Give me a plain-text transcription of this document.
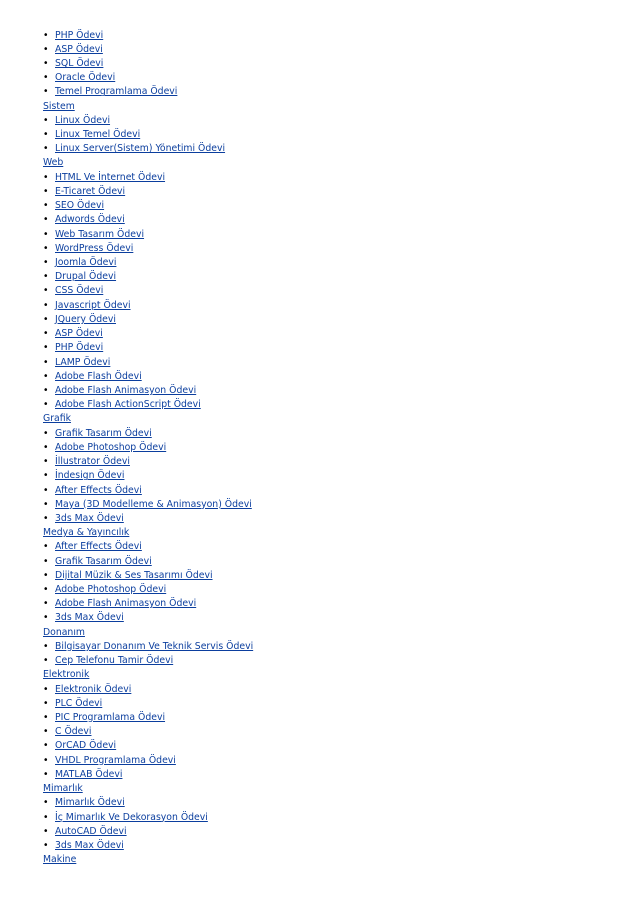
• PHP Ödevi
• ASP Ödevi
• SQL Ödevi
• Oracle Ödevi
• Temel Programlama Ödevi
Sistem
• Linux Ödevi
• Linux Temel Ödevi
• Linux Server(Sistem) Yönetimi Ödevi
Web
• HTML Ve İnternet Ödevi
• E-Ticaret Ödevi
• SEO Ödevi
• Adwords Ödevi
• Web Tasarım Ödevi
• WordPress Ödevi
• Joomla Ödevi
• Drupal Ödevi
• CSS Ödevi
• Javascript Ödevi
• JQuery Ödevi
• ASP Ödevi
• PHP Ödevi
• LAMP Ödevi
• Adobe Flash Ödevi
• Adobe Flash Animasyon Ödevi
• Adobe Flash ActionScript Ödevi
Grafik
• Grafik Tasarım Ödevi
• Adobe Photoshop Ödevi
• İllustrator Ödevi
• İndesign Ödevi
• After Effects Ödevi
• Maya (3D Modelleme & Animasyon) Ödevi
• 3ds Max Ödevi
Medya & Yayıncılık
• After Effects Ödevi
• Grafik Tasarım Ödevi
• Dijital Müzik & Ses Tasarımı Ödevi
• Adobe Photoshop Ödevi
• Adobe Flash Animasyon Ödevi
• 3ds Max Ödevi
Donanım
• Bilgisayar Donanım Ve Teknik Servis Ödevi
• Cep Telefonu Tamir Ödevi
Elektronik
• Elektronik Ödevi
• PLC Ödevi
• PIC Programlama Ödevi
• C Ödevi
• OrCAD Ödevi
• VHDL Programlama Ödevi
• MATLAB Ödevi
Mimarlık
• Mimarlık Ödevi
• İç Mimarlık Ve Dekorasyon Ödevi
• AutoCAD Ödevi
• 3ds Max Ödevi
Makine
